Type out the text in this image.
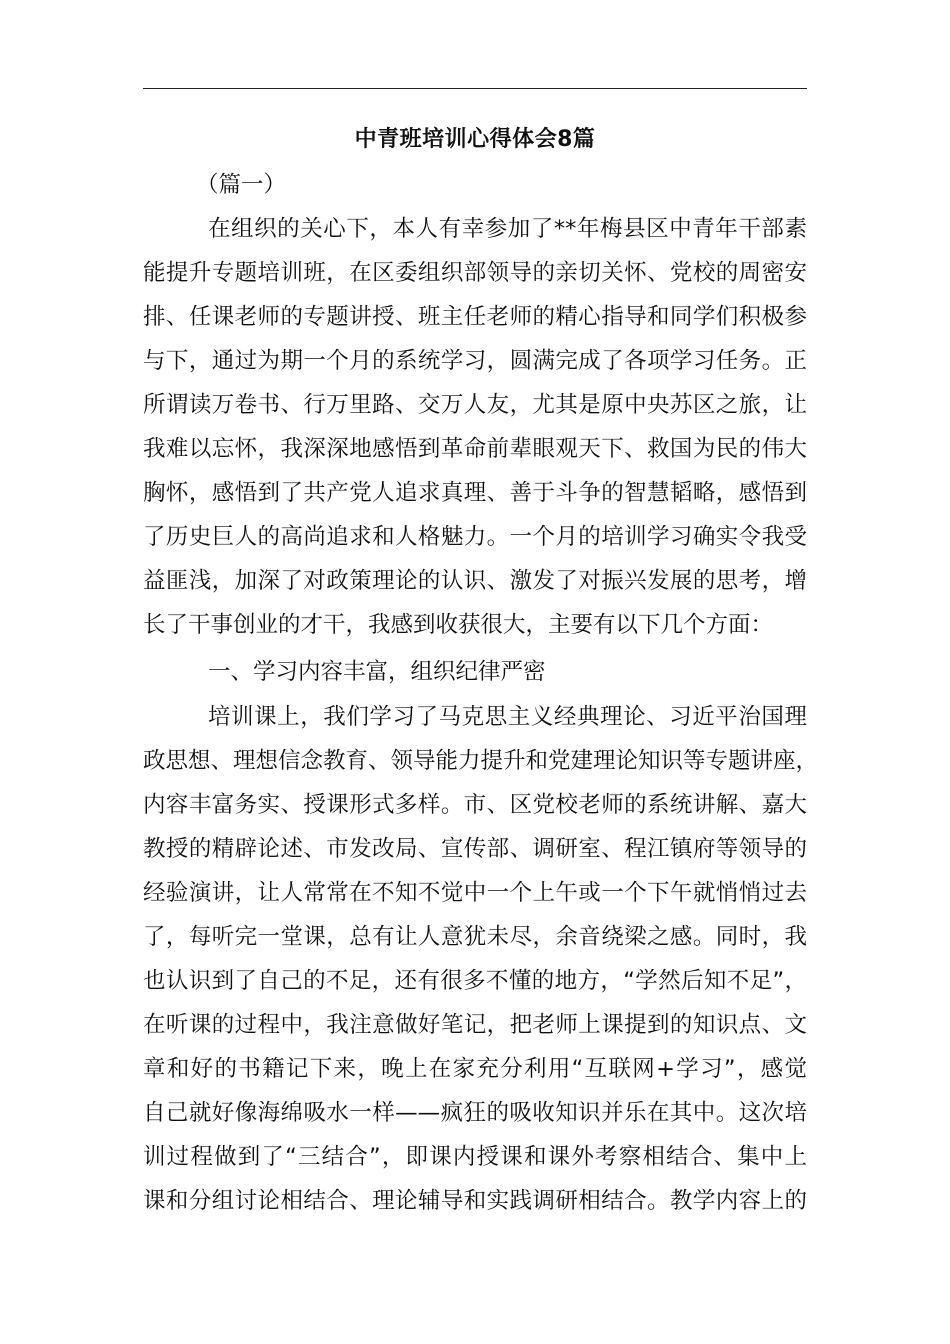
中青班培训心得体会8篇
（篇一）
在组织的关心下，本人有幸参加了**年梅县区中青年干部素
能提升专题培训班，在区委组织部领导的亲切关怀、党校的周密安
排、任课老师的专题讲授、班主任老师的精心指导和同学们积极参
与下，通过为期一个月的系统学习，圆满完成了各项学习任务。正
所谓读万卷书、行万里路、交万人友，尤其是原中央苏区之旅，让
我难以忘怀，我深深地感悟到革命前辈眼观天下、救国为民的伟大
胸怀，感悟到了共产党人追求真理、善于斗争的智慧韬略，感悟到
了历史巨人的高尚追求和人格魅力。一个月的培训学习确实令我受
益匪浅，加深了对政策理论的认识、激发了对振兴发展的思考，增
长了干事创业的才干，我感到收获很大，主要有以下几个方面：
一、学习内容丰富，组织纪律严密
培训课上，我们学习了马克思主义经典理论、习近平治国理
政思想、理想信念教育、领导能力提升和党建理论知识等专题讲座，
内容丰富务实、授课形式多样。市、区党校老师的系统讲解、嘉大
教授的精辟论述、市发改局、宣传部、调研室、程江镇府等领导的
经验演讲，让人常常在不知不觉中一个上午或一个下午就悄悄过去
了，每听完一堂课，总有让人意犹未尽，余音绕梁之感。同时，我
也认识到了自己的不足，还有很多不懂的地方，“学然后知不足”，
在听课的过程中，我注意做好笔记，把老师上课提到的知识点、文
章和好的书籍记下来，晚上在家充分利用“互联网+学习”，感觉
自己就好像海绵吸水一样——疯狂的吸收知识并乐在其中。这次培
训过程做到了“三结合”，即课内授课和课外考察相结合、集中上
课和分组讨论相结合、理论辅导和实践调研相结合。教学内容上的
